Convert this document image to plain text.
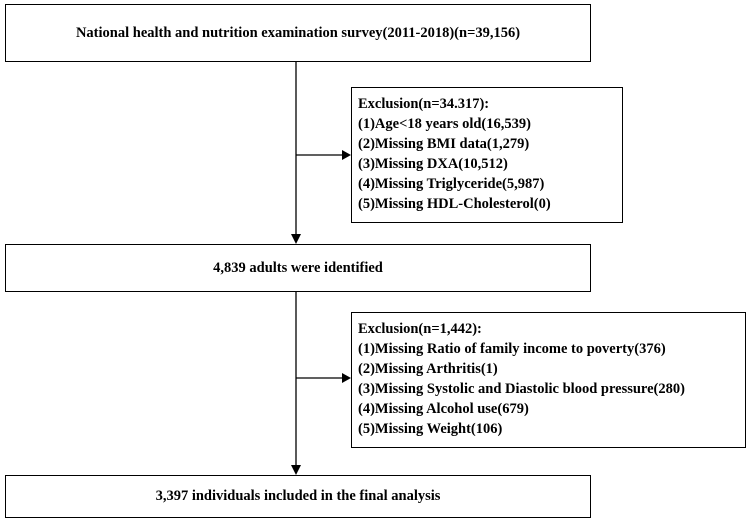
National health and nutrition examination survey(2011-2018)(n=39,156)
Exclusion(n=34.317):
(1)Age<18 years old(16,539)
(2)Missing BMI data(1,279)
(3)Missing DXA(10,512)
(4)Missing Triglyceride(5,987)
(5)Missing HDL-Cholesterol(0)
4,839 adults were identified
Exclusion(n=1,442):
(1)Missing Ratio of family income to poverty(376)
(2)Missing Arthritis(1)
(3)Missing Systolic and Diastolic blood pressure(280)
(4)Missing Alcohol use(679)
(5)Missing Weight(106)
3,397 individuals included in the final analysis
